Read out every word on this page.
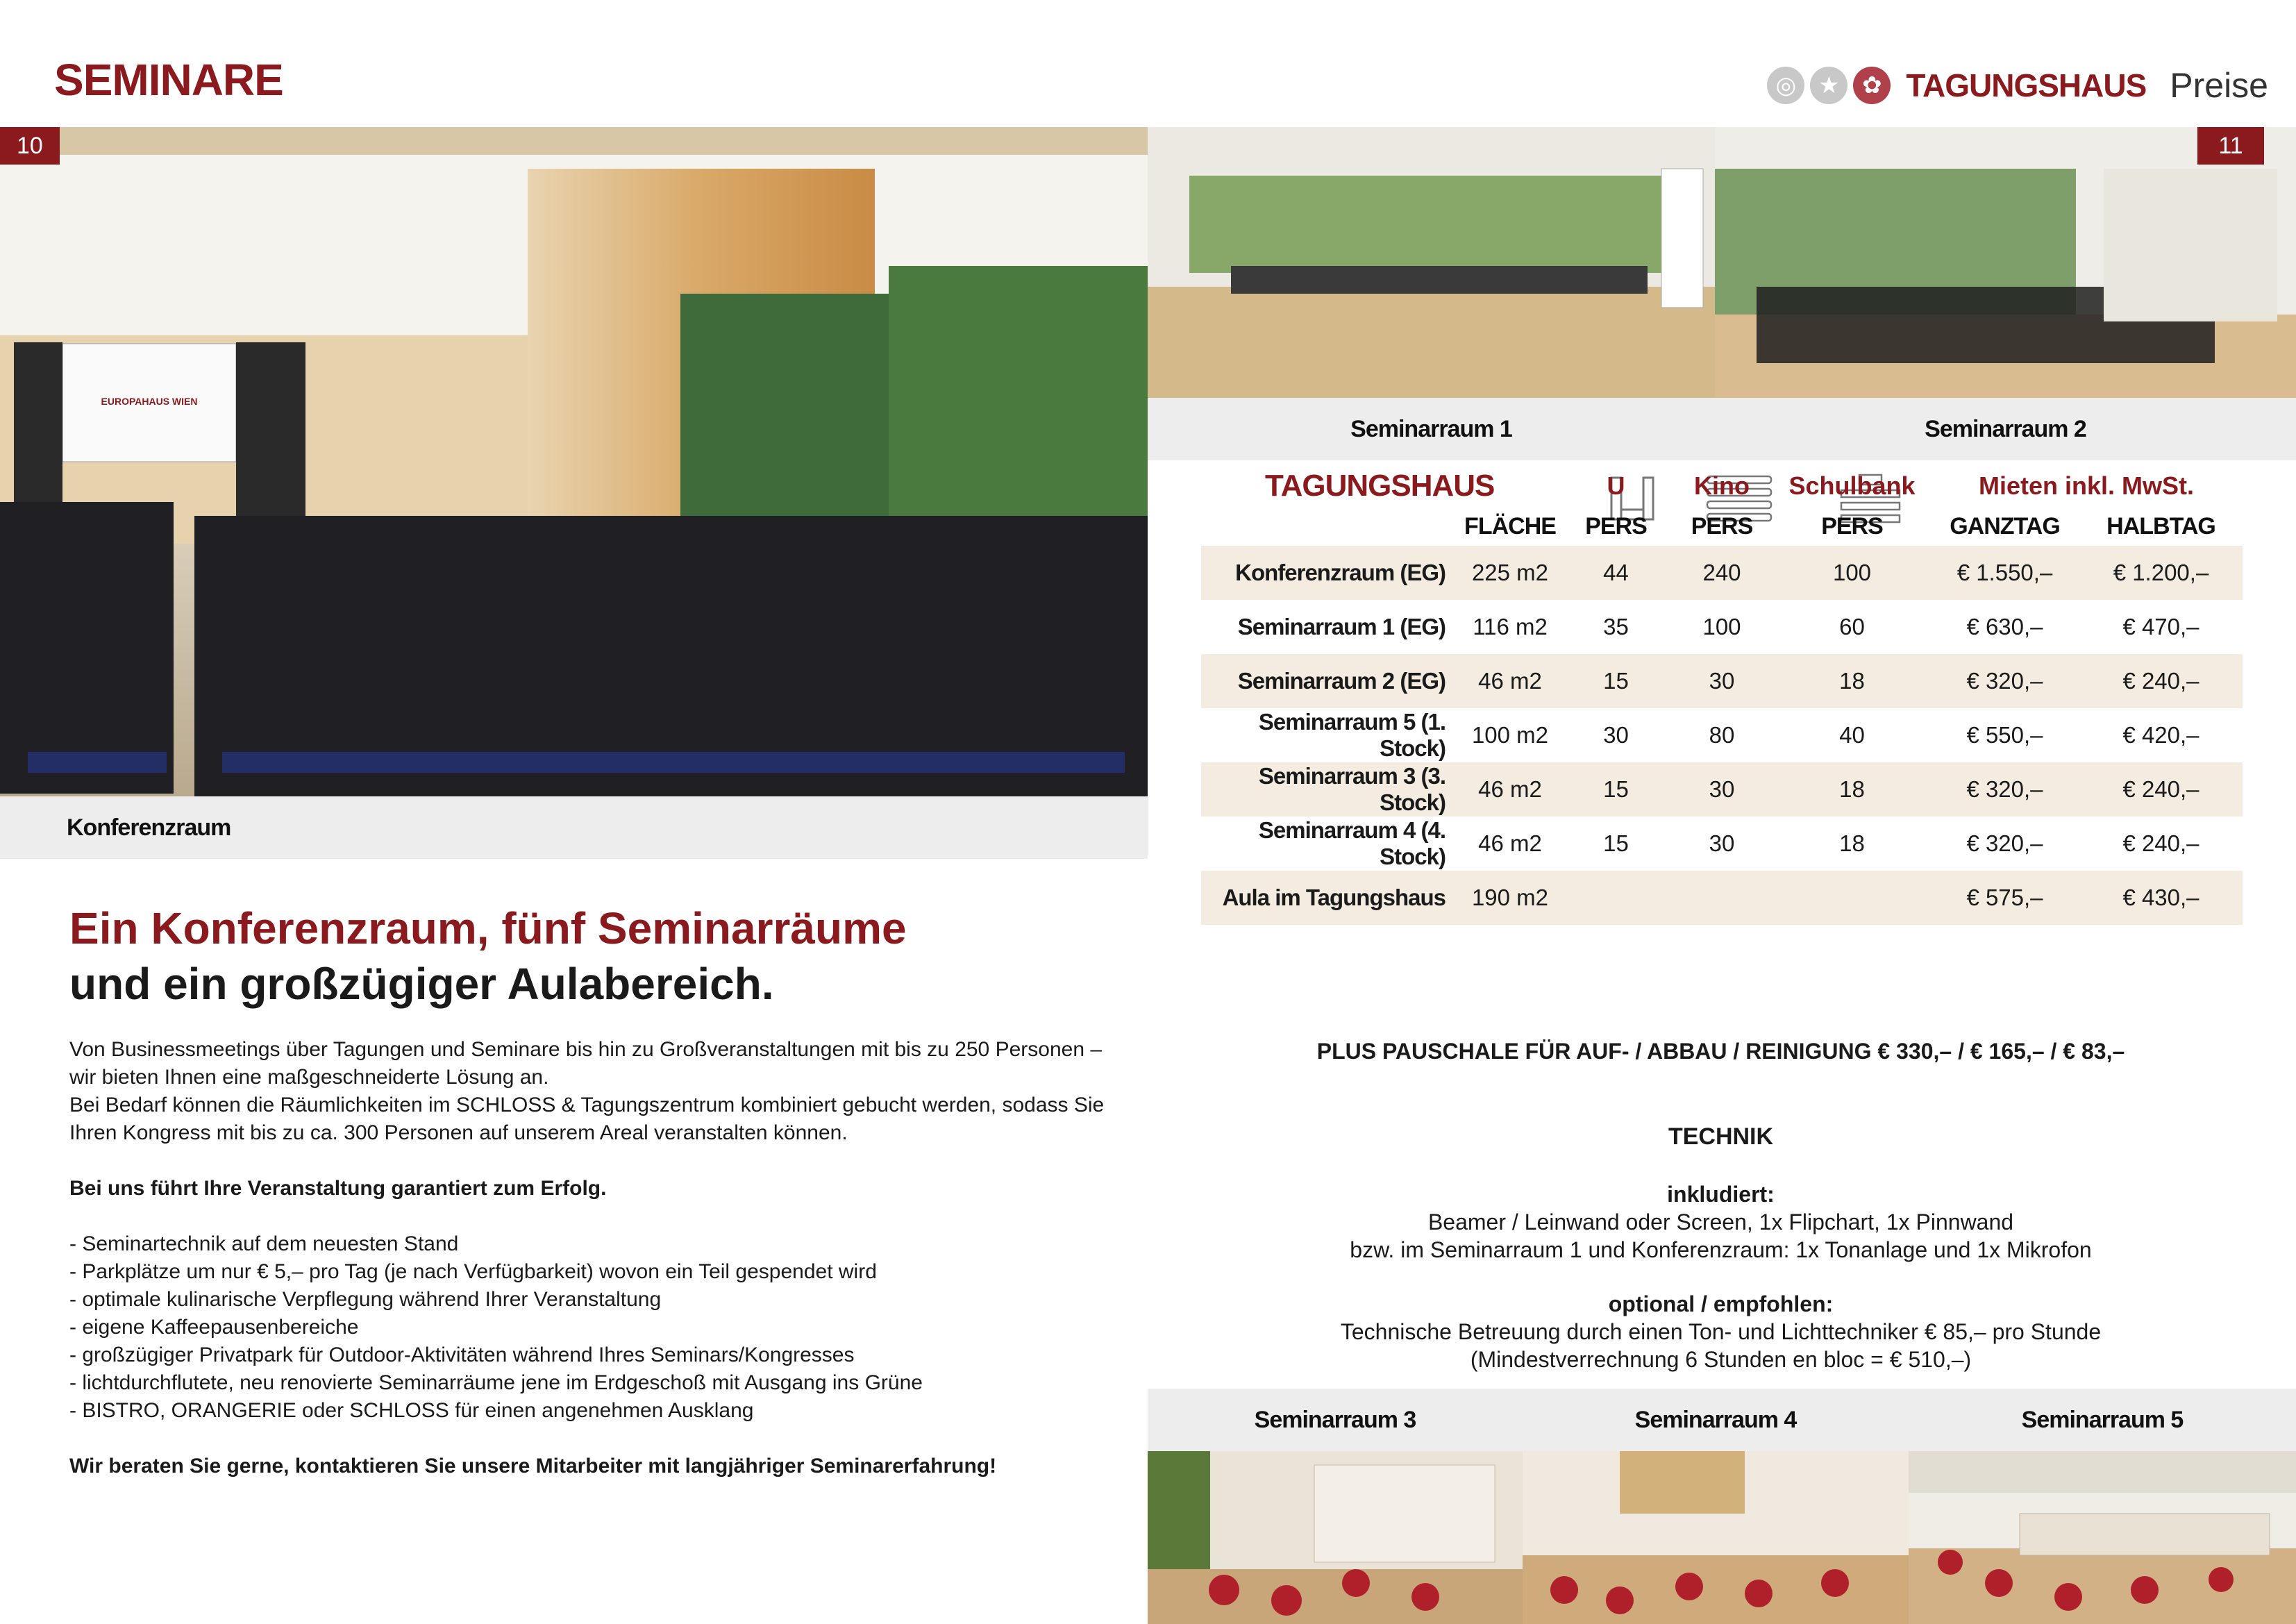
SEMINARE	◎ ★ ✿ TAGUNGSHAUS Preise
EUROPAHAUS WIEN
10
Konferenzraum
11
Seminarraum 1	Seminarraum 2
Ein Konferenzraum, fünf Seminarräume
und ein großzügiger Aulabereich.

Von Businessmeetings über Tagungen und Seminare bis hin zu Großveranstaltungen mit bis zu 250 Personen – wir bieten Ihnen eine maßgeschneiderte Lösung an.

Bei Bedarf können die Räumlichkeiten im SCHLOSS & Tagungszentrum kombiniert gebucht werden, sodass Sie Ihren Kongress mit bis zu ca. 300 Personen auf unserem Areal veranstalten können.

Bei uns führt Ihre Veranstaltung garantiert zum Erfolg.

- Seminartechnik auf dem neuesten Stand

- Parkplätze um nur € 5,– pro Tag (je nach Verfügbarkeit) wovon ein Teil gespendet wird

- optimale kulinarische Verpflegung während Ihrer Veranstaltung

- eigene Kaffeepausenbereiche

- großzügiger Privatpark für Outdoor-Aktivitäten während Ihres Seminars/Kongresses

- lichtdurchflutete, neu renovierte Seminarräume jene im Erdgeschoß mit Ausgang ins Grüne

- BISTRO, ORANGERIE oder SCHLOSS für einen angenehmen Ausklang

Wir beraten Sie gerne, kontaktieren Sie unsere Mitarbeiter mit langjähriger Seminarerfahrung!

TAGUNGSHAUS		U	Kino	Schulbank	Mieten inkl. MwSt.	
	FLÄCHE	PERS	PERS	PERS	GANZTAG	HALBTAG
Konferenzraum (EG)	225 m2	44	240	100	€ 1.550,–	€ 1.200,–
Seminarraum 1 (EG)	116 m2	35	100	60	€ 630,–	€ 470,–
Seminarraum 2 (EG)	46 m2	15	30	18	€ 320,–	€ 240,–
Seminarraum 5 (1. Stock)	100 m2	30	80	40	€ 550,–	€ 420,–
Seminarraum 3 (3. Stock)	46 m2	15	30	18	€ 320,–	€ 240,–
Seminarraum 4 (4. Stock)	46 m2	15	30	18	€ 320,–	€ 240,–
Aula im Tagungshaus	190 m2				€ 575,–	€ 430,–
PLUS PAUSCHALE FÜR AUF- / ABBAU / REINIGUNG € 330,– / € 165,– / € 83,–
TECHNIK
inkludiert:
Beamer / Leinwand oder Screen, 1x Flipchart, 1x Pinnwand
bzw. im Seminarraum 1 und Konferenzraum: 1x Tonanlage und 1x Mikrofon
optional / empfohlen:
Technische Betreuung durch einen Ton- und Lichttechniker € 85,– pro Stunde
(Mindestverrechnung 6 Stunden en bloc = € 510,–)
Seminarraum 3	Seminarraum 4	Seminarraum 5
